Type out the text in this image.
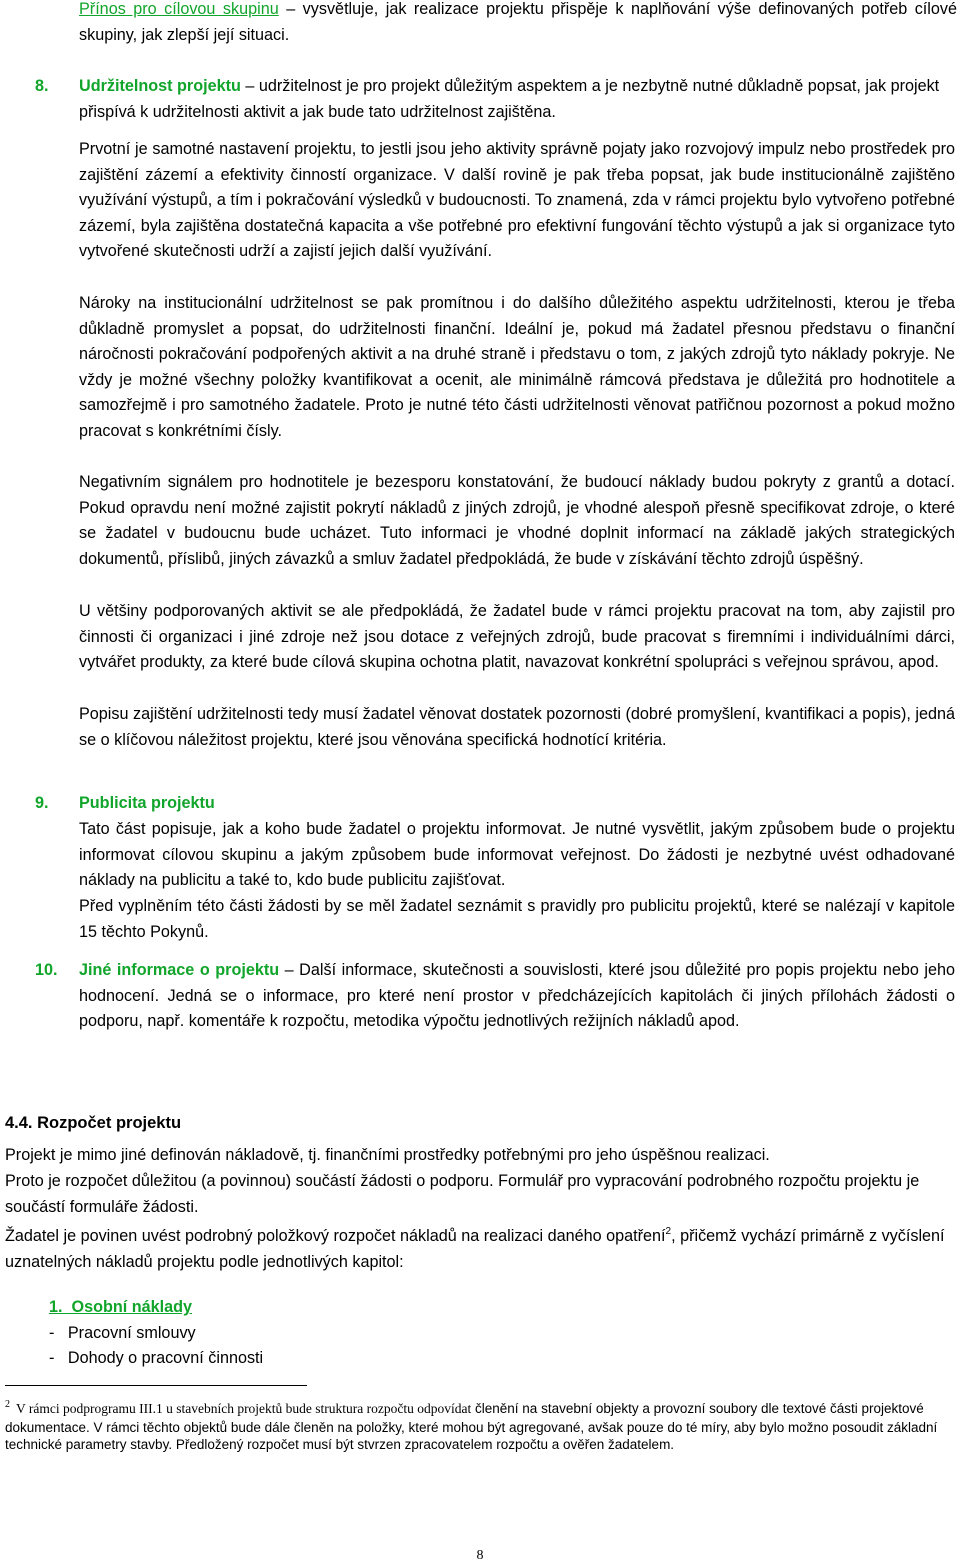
Přínos pro cílovou skupinu – vysvětluje, jak realizace projektu přispěje k naplňování výše definovaných potřeb cílové skupiny, jak zlepší její situaci.

8. Udržitelnost projektu – udržitelnost je pro projekt důležitým aspektem a je nezbytně nutné důkladně popsat, jak projekt přispívá k udržitelnosti aktivit a jak bude tato udržitelnost zajištěna.

Prvotní je samotné nastavení projektu, to jestli jsou jeho aktivity správně pojaty jako rozvojový impulz nebo prostředek pro zajištění zázemí a efektivity činností organizace. V další rovině je pak třeba popsat, jak bude institucionálně zajištěno využívání výstupů, a tím i pokračování výsledků v budoucnosti. To znamená, zda v rámci projektu bylo vytvořeno potřebné zázemí, byla zajištěna dostatečná kapacita a vše potřebné pro efektivní fungování těchto výstupů a jak si organizace tyto vytvořené skutečnosti udrží a zajistí jejich další využívání.

Nároky na institucionální udržitelnost se pak promítnou i do dalšího důležitého aspektu udržitelnosti, kterou je třeba důkladně promyslet a popsat, do udržitelnosti finanční. Ideální je, pokud má žadatel přesnou představu o finanční náročnosti pokračování podpořených aktivit a na druhé straně i představu o tom, z jakých zdrojů tyto náklady pokryje. Ne vždy je možné všechny položky kvantifikovat a ocenit, ale minimálně rámcová představa je důležitá pro hodnotitele a samozřejmě i pro samotného žadatele. Proto je nutné této části udržitelnosti věnovat patřičnou pozornost a pokud možno pracovat s konkrétními čísly.

Negativním signálem pro hodnotitele je bezesporu konstatování, že budoucí náklady budou pokryty z grantů a dotací. Pokud opravdu není možné zajistit pokrytí nákladů z jiných zdrojů, je vhodné alespoň přesně specifikovat zdroje, o které se žadatel v budoucnu bude ucházet. Tuto informaci je vhodné doplnit informací na základě jakých strategických dokumentů, příslibů, jiných závazků a smluv žadatel předpokládá, že bude v získávání těchto zdrojů úspěšný.

U většiny podporovaných aktivit se ale předpokládá, že žadatel bude v rámci projektu pracovat na tom, aby zajistil pro činnosti či organizaci i jiné zdroje než jsou dotace z veřejných zdrojů, bude pracovat s firemními i individuálními dárci, vytvářet produkty, za které bude cílová skupina ochotna platit, navazovat konkrétní spolupráci s veřejnou správou, apod.

Popisu zajištění udržitelnosti tedy musí žadatel věnovat dostatek pozornosti (dobré promyšlení, kvantifikaci a popis), jedná se o klíčovou náležitost projektu, které jsou věnována specifická hodnotící kritéria.

9. Publicita projektu

Tato část popisuje, jak a koho bude žadatel o projektu informovat. Je nutné vysvětlit, jakým způsobem bude o projektu informovat cílovou skupinu a jakým způsobem bude informovat veřejnost. Do žádosti je nezbytné uvést odhadované náklady na publicitu a také to, kdo bude publicitu zajišťovat.

Před vyplněním této části žádosti by se měl žadatel seznámit s pravidly pro publicitu projektů, které se nalézají v kapitole 15 těchto Pokynů.

10. Jiné informace o projektu – Další informace, skutečnosti a souvislosti, které jsou důležité pro popis projektu nebo jeho hodnocení. Jedná se o informace, pro které není prostor v předcházejících kapitolách či jiných přílohách žádosti o podporu, např. komentáře k rozpočtu, metodika výpočtu jednotlivých režijních nákladů apod.

4.4. Rozpočet projektu

Projekt je mimo jiné definován nákladově, tj. finančními prostředky potřebnými pro jeho úspěšnou realizaci.

Proto je rozpočet důležitou (a povinnou) součástí žádosti o podporu. Formulář pro vypracování podrobného rozpočtu projektu je součástí formuláře žádosti.

Žadatel je povinen uvést podrobný položkový rozpočet nákladů na realizaci daného opatření$^2$, přičemž vychází primárně z vyčíslení uznatelných nákladů projektu podle jednotlivých kapitol:

1.  Osobní náklady
-   Pracovní smlouvy
-   Dohody o pracovní činnosti
$^2$ V rámci podprogramu III.1 u stavebních projektů bude struktura rozpočtu odpovídat členění na stavební objekty a provozní soubory dle textové části projektové dokumentace. V rámci těchto objektů bude dále členěn na položky, které mohou být agregované, avšak pouze do té míry, aby bylo možno posoudit základní technické parametry stavby. Předložený rozpočet musí být stvrzen zpracovatelem rozpočtu a ověřen žadatelem.
8
